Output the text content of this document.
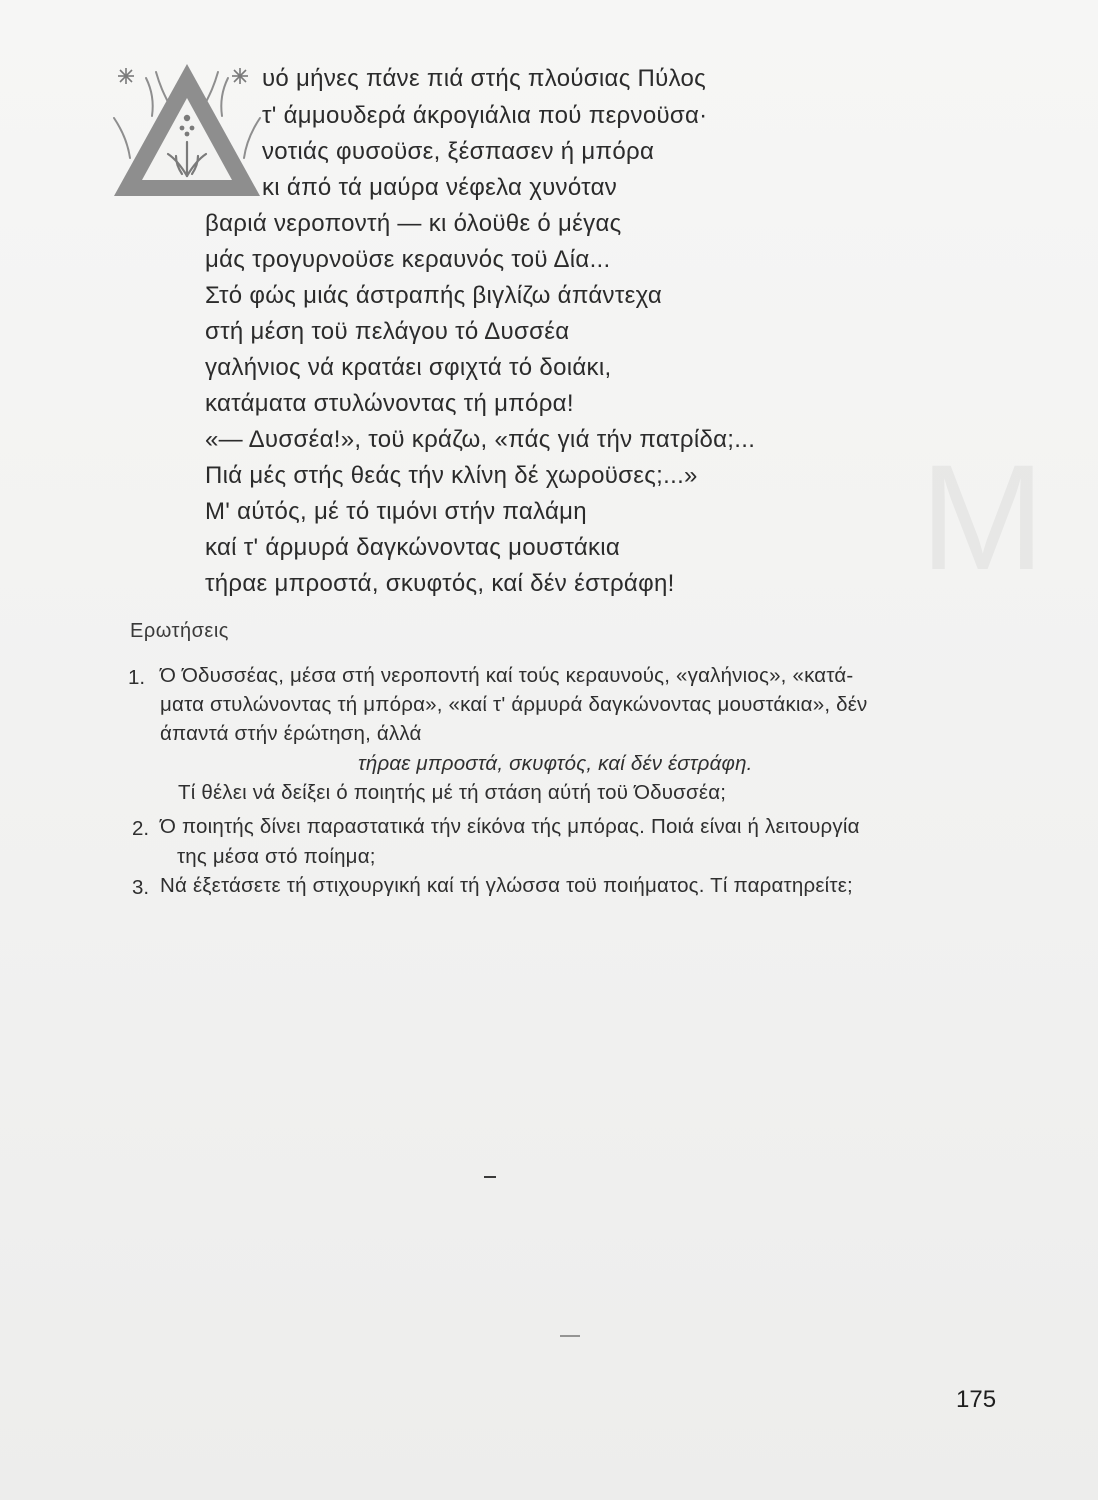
υό μήνες πάνε πιά στής πλούσιας Πύλος
τ' άμμουδερά άκρογιάλια πού περνοϋσα·
νοτιάς φυσοϋσε, ξέσπασεν ή μπόρα
κι άπό τά μαύρα νέφελα χυνόταν
βαριά νεροποντή — κι όλοϋθε ό μέγας
μάς τρογυρνοϋσε κεραυνός τοϋ Δία...
Στό φώς μιάς άστραπής βιγλίζω άπάντεχα
στή μέση τοϋ πελάγου τό Δυσσέα
γαλήνιος νά κρατάει σφιχτά τό δοιάκι,
κατάματα στυλώνοντας τή μπόρα!
«— Δυσσέα!», τοϋ κράζω, «πάς γιά τήν πατρίδα;...
Πιά μές στής θεάς τήν κλίνη δέ χωροϋσες;...»
Μ' αύτός, μέ τό τιμόνι στήν παλάμη
καί τ' άρμυρά δαγκώνοντας μουστάκια
τήραε μπροστά, σκυφτός, καί δέν έστράφη!
Ερωτήσεις
1. Ό Όδυσσέας, μέσα στή νεροποντή καί τούς κεραυνούς, «γαλήνιος», «κατά-
ματα στυλώνοντας τή μπόρα», «καί τ' άρμυρά δαγκώνοντας μουστάκια», δέν
άπαντά στήν έρώτηση, άλλά
τήραε μπροστά, σκυφτός, καί δέν έστράφη.
Τί θέλει νά δείξει ό ποιητής μέ τή στάση αύτή τοϋ Όδυσσέα;
2. Ό ποιητής δίνει παραστατικά τήν είκόνα τής μπόρας. Ποιά είναι ή λειτουργία
της μέσα στό ποίημα;
3. Νά έξετάσετε τή στιχουργική καί τή γλώσσα τοϋ ποιήματος. Τί παρατηρείτε;
175
